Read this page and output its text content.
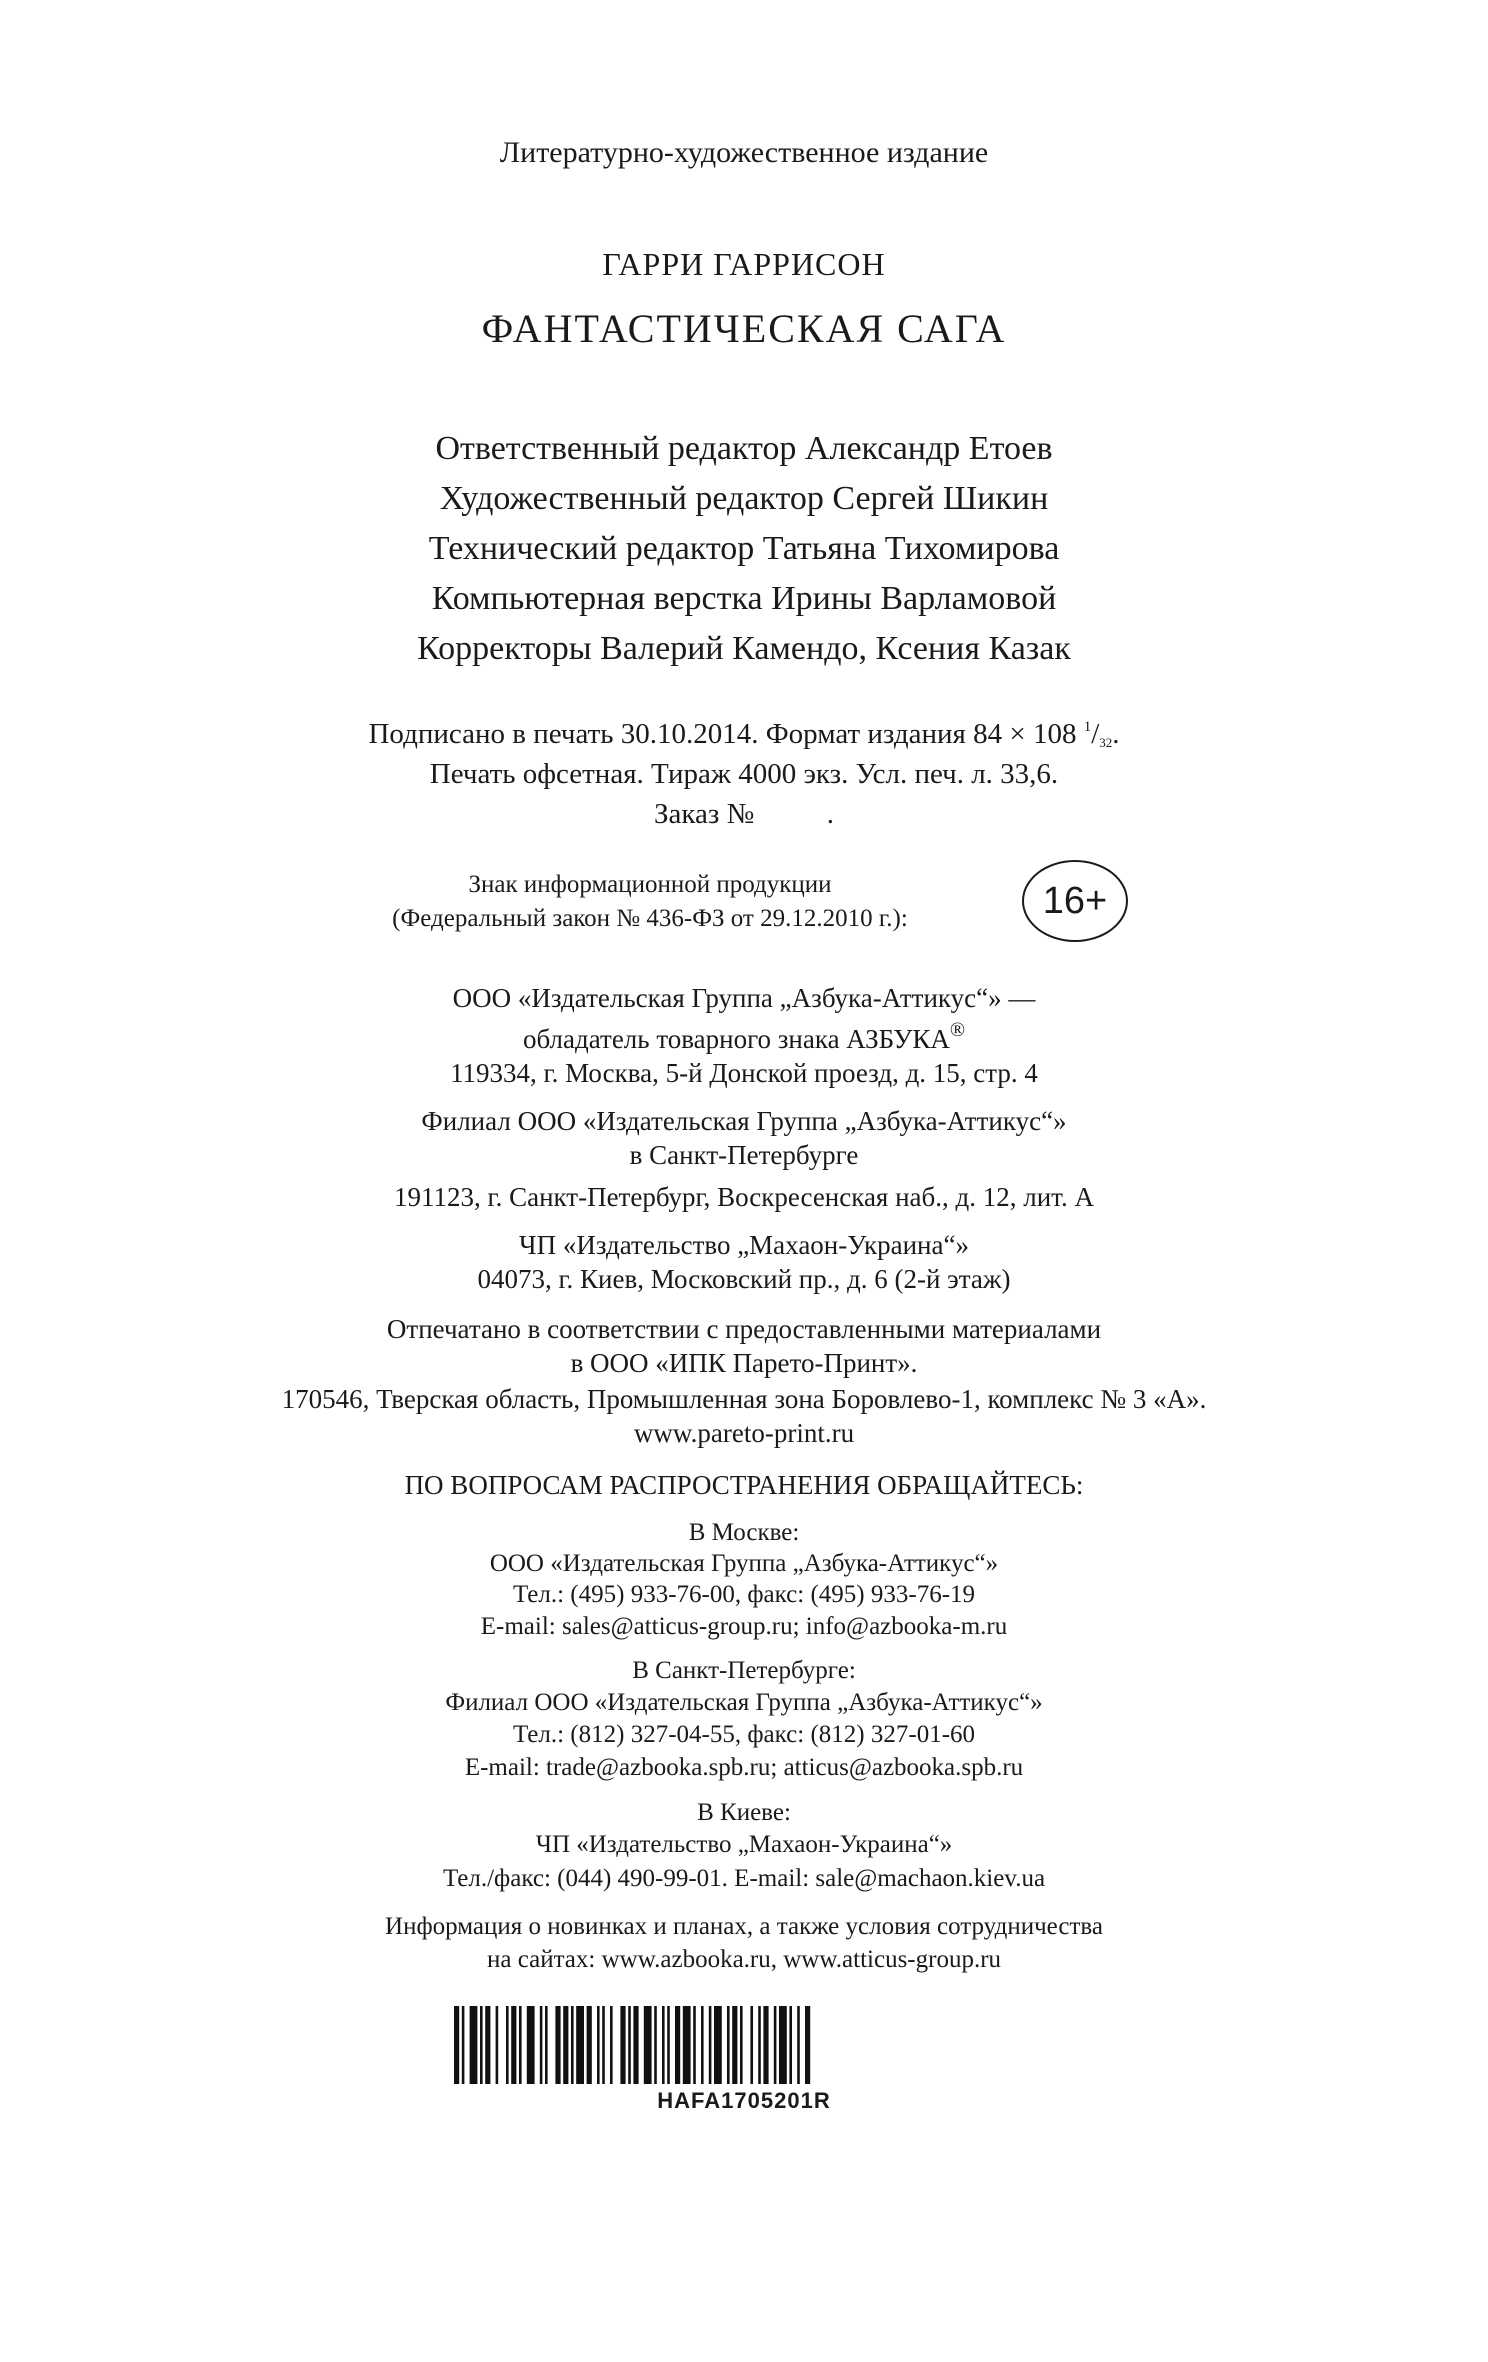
Литературно-художественное издание
ГАРРИ ГАРРИСОН
ФАНТАСТИЧЕСКАЯ САГА
Ответственный редактор Александр Етоев
Художественный редактор Сергей Шикин
Технический редактор Татьяна Тихомирова
Компьютерная верстка Ирины Варламовой
Корректоры Валерий Камендо, Ксения Казак
Подписано в печать 30.10.2014. Формат издания 84 × 108 $^1/_{32}$.
Печать офсетная. Тираж 4000 экз. Усл. печ. л. 33,6.
Заказ №          .
Знак информационной продукции
(Федеральный закон № 436-ФЗ от 29.12.2010 г.):	16+
ООО «Издательская Группа „Азбука-Аттикус“» —
обладатель товарного знака АЗБУКА®
119334, г. Москва, 5-й Донской проезд, д. 15, стр. 4
Филиал ООО «Издательская Группа „Азбука-Аттикус“»
в Санкт-Петербурге
191123, г. Санкт-Петербург, Воскресенская наб., д. 12, лит. А
ЧП «Издательство „Махаон-Украина“»
04073, г. Киев, Московский пр., д. 6 (2-й этаж)
Отпечатано в соответствии с предоставленными материалами
в ООО «ИПК Парето-Принт».
170546, Тверская область, Промышленная зона Боровлево-1, комплекс № 3 «А».
www.pareto-print.ru
ПО ВОПРОСАМ РАСПРОСТРАНЕНИЯ ОБРАЩАЙТЕСЬ:
В Москве:
ООО «Издательская Группа „Азбука-Аттикус“»
Тел.: (495) 933-76-00, факс: (495) 933-76-19
E-mail: sales@atticus-group.ru; info@azbooka-m.ru
В Санкт-Петербурге:
Филиал ООО «Издательская Группа „Азбука-Аттикус“»
Тел.: (812) 327-04-55, факс: (812) 327-01-60
E-mail: trade@azbooka.spb.ru; atticus@azbooka.spb.ru
В Киеве:
ЧП «Издательство „Махаон-Украина“»
Тел./факс: (044) 490-99-01. E-mail: sale@machaon.kiev.ua
Информация о новинках и планах, а также условия сотрудничества
на сайтах: www.azbooka.ru, www.atticus-group.ru
HAFA1705201R
